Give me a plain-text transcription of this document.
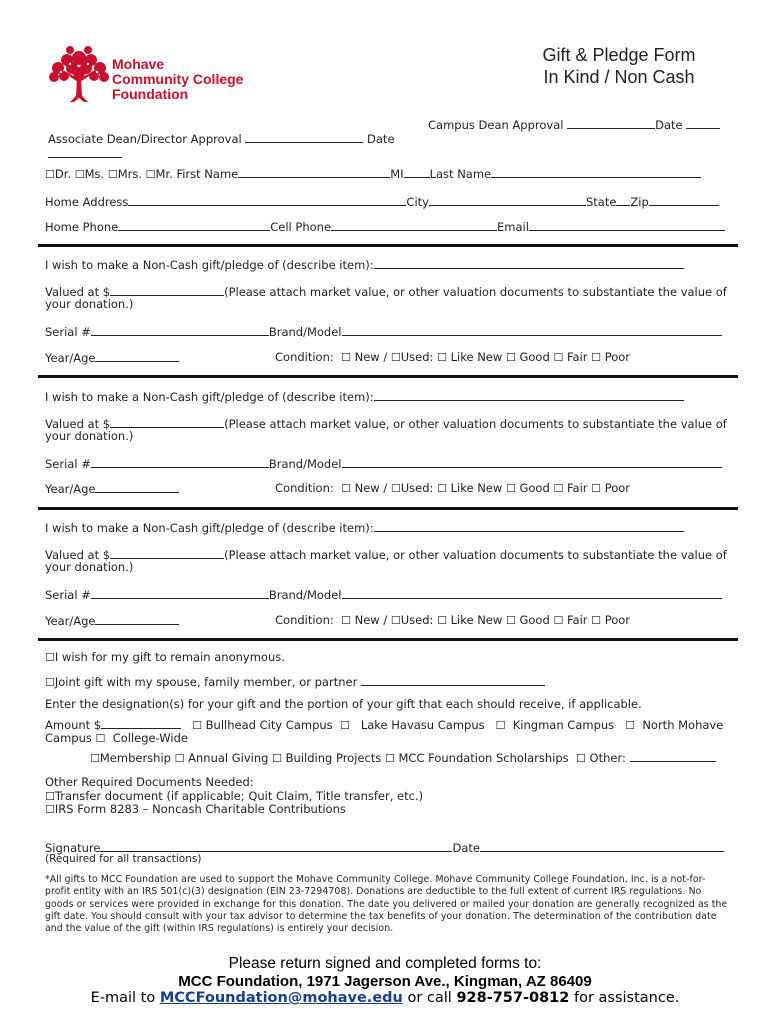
Mohave
Community College
Foundation
Gift & Pledge Form
In Kind / Non Cash
Campus Dean Approval	Date
Associate Dean/Director Approval	Date
☐Dr. ☐Ms. ☐Mrs. ☐Mr. First Name	MI Last Name
Home Address	City	State Zip
Home Phone	Cell Phone	Email
I wish to make a Non-Cash gift/pledge of (describe item):
Valued at $	(Please attach market value, or other valuation documents to substantiate the value of
your donation.)
Serial #	Brand/Model
Year/Age	Condition: ☐ New / ☐Used: ☐ Like New ☐ Good ☐ Fair ☐ Poor
I wish to make a Non-Cash gift/pledge of (describe item):
Valued at $	(Please attach market value, or other valuation documents to substantiate the value of
your donation.)
Serial #	Brand/Model
Year/Age	Condition: ☐ New / ☐Used: ☐ Like New ☐ Good ☐ Fair ☐ Poor
I wish to make a Non-Cash gift/pledge of (describe item):
Valued at $	(Please attach market value, or other valuation documents to substantiate the value of
your donation.)
Serial #	Brand/Model
Year/Age	Condition: ☐ New / ☐Used: ☐ Like New ☐ Good ☐ Fair ☐ Poor
☐I wish for my gift to remain anonymous.
☐Joint gift with my spouse, family member, or partner
Enter the designation(s) for your gift and the portion of your gift that each should receive, if applicable.
Amount $	☐ Bullhead City Campus ☐ Lake Havasu Campus ☐ Kingman Campus ☐ North Mohave
Campus ☐ College-Wide
☐Membership ☐ Annual Giving ☐ Building Projects ☐ MCC Foundation Scholarships ☐ Other:
Other Required Documents Needed:
☐Transfer document (if applicable; Quit Claim, Title transfer, etc.)
☐IRS Form 8283 – Noncash Charitable Contributions
Signature	Date
(Required for all transactions)
*All gifts to MCC Foundation are used to support the Mohave Community College. Mohave Community College Foundation, Inc. is a not-for-profit entity with an IRS 501(c)(3) designation (EIN 23-7294708). Donations are deductible to the full extent of current IRS regulations. No goods or services were provided in exchange for this donation. The date you delivered or mailed your donation are generally recognized as the gift date. You should consult with your tax advisor to determine the tax benefits of your donation. The determination of the contribution date and the value of the gift (within IRS regulations) is entirely your decision.
Please return signed and completed forms to:
MCC Foundation, 1971 Jagerson Ave., Kingman, AZ 86409
E-mail to MCCFoundation@mohave.edu or call 928-757-0812 for assistance.
